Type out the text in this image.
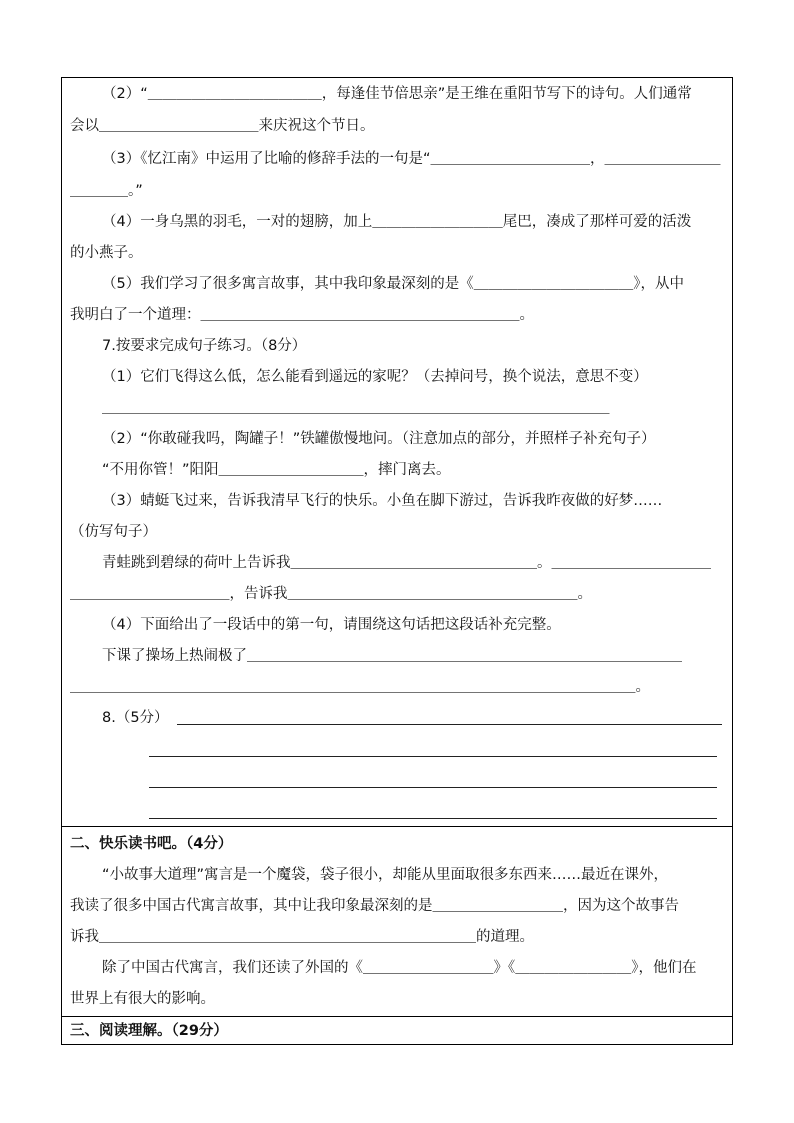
（2）“＿＿＿＿＿＿＿＿＿＿＿＿，每逢佳节倍思亲”是王维在重阳节写下的诗句。人们通常
会以＿＿＿＿＿＿＿＿＿＿＿来庆祝这个节日。
（3）《忆江南》中运用了比喻的修辞手法的一句是“＿＿＿＿＿＿＿＿＿＿＿，＿＿＿＿＿＿＿＿
＿＿＿＿。”
（4）一身乌黑的羽毛，一对的翅膀，加上＿＿＿＿＿＿＿＿＿尾巴，凑成了那样可爱的活泼
的小燕子。
（5）我们学习了很多寓言故事，其中我印象最深刻的是《＿＿＿＿＿＿＿＿＿＿＿》，从中
我明白了一个道理：＿＿＿＿＿＿＿＿＿＿＿＿＿＿＿＿＿＿＿＿＿＿。
7.按要求完成句子练习。（8分）
（1）它们飞得这么低，怎么能看到遥远的家呢？（去掉问号，换个说法，意思不变）
＿＿＿＿＿＿＿＿＿＿＿＿＿＿＿＿＿＿＿＿＿＿＿＿＿＿＿＿＿＿＿＿＿＿＿
（2）“你敢碰我吗，陶罐子！”铁罐傲慢地问。（注意加点的部分，并照样子补充句子）
“不用你管！”阳阳＿＿＿＿＿＿＿＿＿＿，摔门离去。
（3）蜻蜓飞过来，告诉我清早飞行的快乐。小鱼在脚下游过，告诉我昨夜做的好梦……
（仿写句子）
青蛙跳到碧绿的荷叶上告诉我＿＿＿＿＿＿＿＿＿＿＿＿＿＿＿＿＿。＿＿＿＿＿＿＿＿＿＿＿
＿＿＿＿＿＿＿＿＿＿＿，告诉我＿＿＿＿＿＿＿＿＿＿＿＿＿＿＿＿＿＿＿＿。
（4）下面给出了一段话中的第一句，请围绕这句话把这段话补充完整。
下课了操场上热闹极了＿＿＿＿＿＿＿＿＿＿＿＿＿＿＿＿＿＿＿＿＿＿＿＿＿＿＿＿＿＿
＿＿＿＿＿＿＿＿＿＿＿＿＿＿＿＿＿＿＿＿＿＿＿＿＿＿＿＿＿＿＿＿＿＿＿＿＿＿＿。
8.（5分）
二、快乐读书吧。（4分）
“小故事大道理”寓言是一个魔袋，袋子很小，却能从里面取很多东西来……最近在课外，
我读了很多中国古代寓言故事，其中让我印象最深刻的是＿＿＿＿＿＿＿＿＿，因为这个故事告
诉我＿＿＿＿＿＿＿＿＿＿＿＿＿＿＿＿＿＿＿＿＿＿＿＿＿＿的道理。
除了中国古代寓言，我们还读了外国的《＿＿＿＿＿＿＿＿＿》《＿＿＿＿＿＿＿＿》，他们在
世界上有很大的影响。
三、阅读理解。（29分）
